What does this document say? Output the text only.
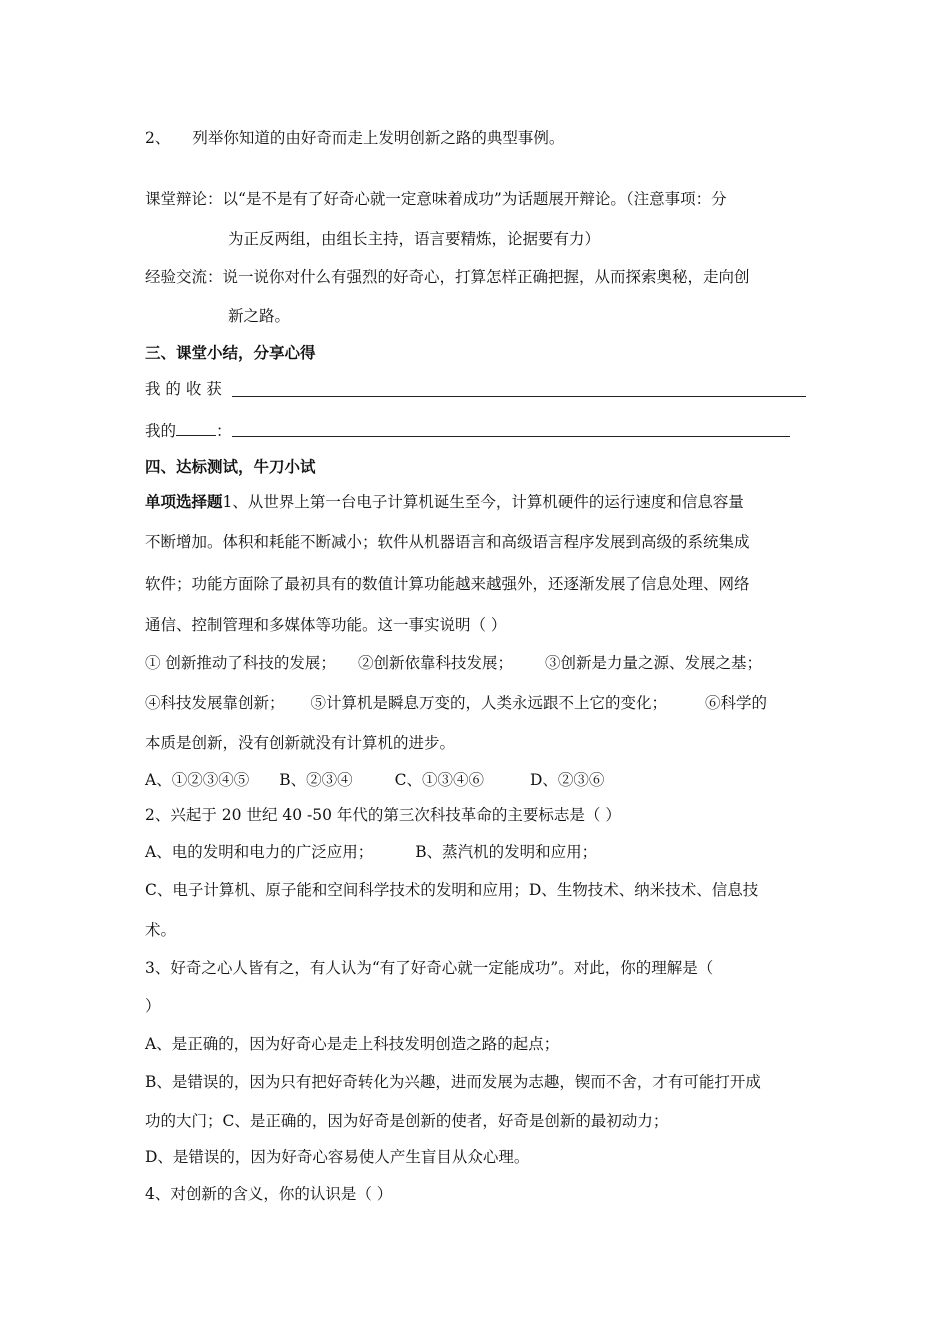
2、 列举你知道的由好奇而走上发明创新之路的典型事例。
课堂辩论：以“是不是有了好奇心就一定意味着成功”为话题展开辩论。（注意事项：分
为正反两组，由组长主持，语言要精炼，论据要有力）
经验交流：说一说你对什么有强烈的好奇心，打算怎样正确把握，从而探索奥秘，走向创
新之路。
三、课堂小结，分享心得
我 的 收 获
我的	：
四、达标测试，牛刀小试
单项选择题1、从世界上第一台电子计算机诞生至今，计算机硬件的运行速度和信息容量
不断增加。体积和耗能不断减小；软件从机器语言和高级语言程序发展到高级的系统集成
软件；功能方面除了最初具有的数值计算功能越来越强外，还逐渐发展了信息处理、网络
通信、控制管理和多媒体等功能。这一事实说明（ ）
① 创新推动了科技的发展； ②创新依靠科技发展； ③创新是力量之源、发展之基；
④科技发展靠创新； ⑤计算机是瞬息万变的，人类永远跟不上它的变化； ⑥科学的
本质是创新，没有创新就没有计算机的进步。
A、①②③④⑤ B、②③④	C、①③④⑥	D、②③⑥
2、兴起于 20 世纪 40 -50 年代的第三次科技革命的主要标志是（ ）
A、电的发明和电力的广泛应用；	B、蒸汽机的发明和应用；
C、电子计算机、原子能和空间科学技术的发明和应用；D、生物技术、纳米技术、信息技
术。
3、好奇之心人皆有之，有人认为“有了好奇心就一定能成功”。对此，你的理解是（
）
A、是正确的，因为好奇心是走上科技发明创造之路的起点；
B、是错误的，因为只有把好奇转化为兴趣，进而发展为志趣，锲而不舍，才有可能打开成
功的大门；C、是正确的，因为好奇是创新的使者，好奇是创新的最初动力；
D、是错误的，因为好奇心容易使人产生盲目从众心理。
4、对创新的含义，你的认识是（ ）
